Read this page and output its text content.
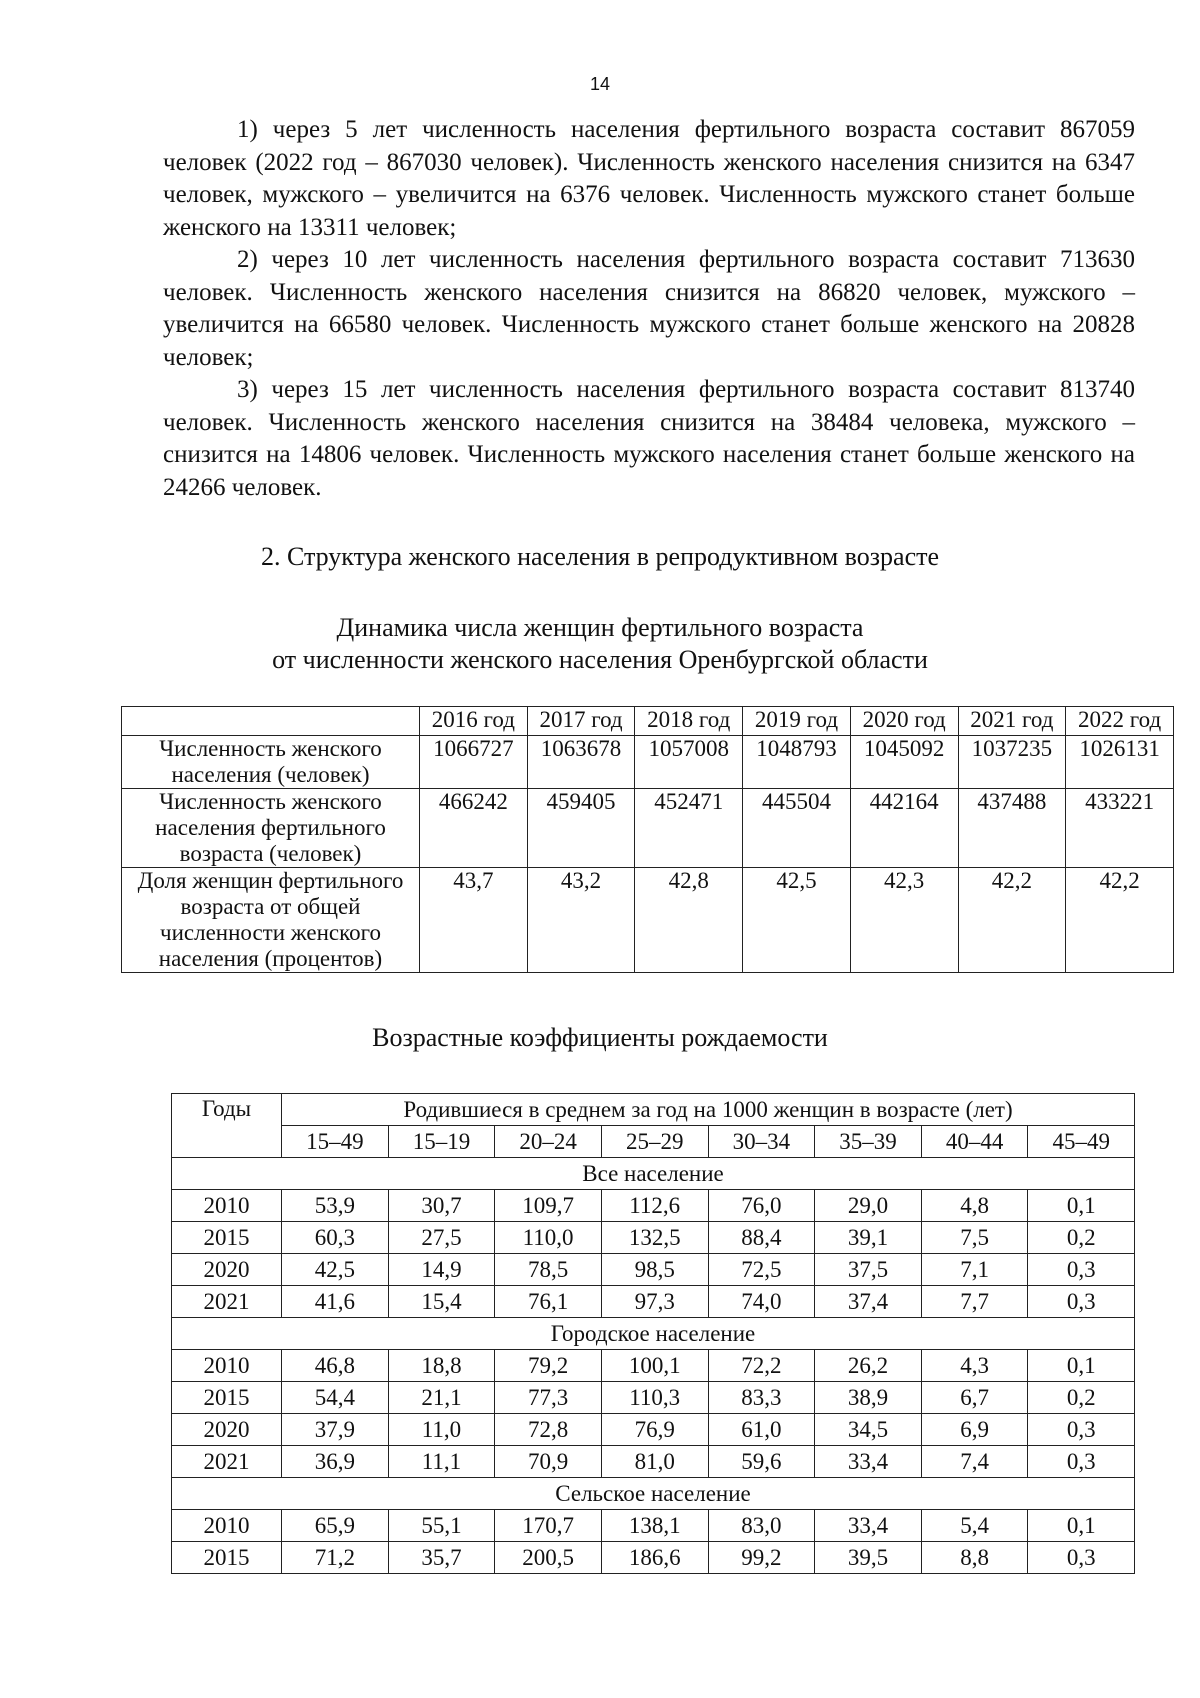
14

1) через 5 лет численность населения фертильного возраста составит 867059 человек (2022 год – 867030 человек). Численность женского населения снизится на 6347 человек, мужского – увеличится на 6376 человек. Численность мужского станет больше женского на 13311 человек;

2) через 10 лет численность населения фертильного возраста составит 713630 человек. Численность женского населения снизится на 86820 человек, мужского – увеличится на 66580 человек. Численность мужского станет больше женского на 20828 человек;

3) через 15 лет численность населения фертильного возраста составит 813740 человек. Численность женского населения снизится на 38484 человека, мужского – снизится на 14806 человек. Численность мужского населения станет больше женского на 24266 человек.

2. Структура женского населения в репродуктивном возрасте
Динамика числа женщин фертильного возраста
от численности женского населения Оренбургской области
	2016 год	2017 год	2018 год	2019 год	2020 год	2021 год	2022 год
Численность женского населения (человек)	1066727	1063678	1057008	1048793	1045092	1037235	1026131
Численность женского населения фертильного возраста (человек)	466242	459405	452471	445504	442164	437488	433221
Доля женщин фертильного возраста от общей численности женского населения (процентов)	43,7	43,2	42,8	42,5	42,3	42,2	42,2
Возрастные коэффициенты рождаемости
Годы	Родившиеся в среднем за год на 1000 женщин в возрасте (лет)							
	15–49	15–19	20–24	25–29	30–34	35–39	40–44	45–49
Все население								
2010	53,9	30,7	109,7	112,6	76,0	29,0	4,8	0,1
2015	60,3	27,5	110,0	132,5	88,4	39,1	7,5	0,2
2020	42,5	14,9	78,5	98,5	72,5	37,5	7,1	0,3
2021	41,6	15,4	76,1	97,3	74,0	37,4	7,7	0,3
Городское население								
2010	46,8	18,8	79,2	100,1	72,2	26,2	4,3	0,1
2015	54,4	21,1	77,3	110,3	83,3	38,9	6,7	0,2
2020	37,9	11,0	72,8	76,9	61,0	34,5	6,9	0,3
2021	36,9	11,1	70,9	81,0	59,6	33,4	7,4	0,3
Сельское население								
2010	65,9	55,1	170,7	138,1	83,0	33,4	5,4	0,1
2015	71,2	35,7	200,5	186,6	99,2	39,5	8,8	0,3
